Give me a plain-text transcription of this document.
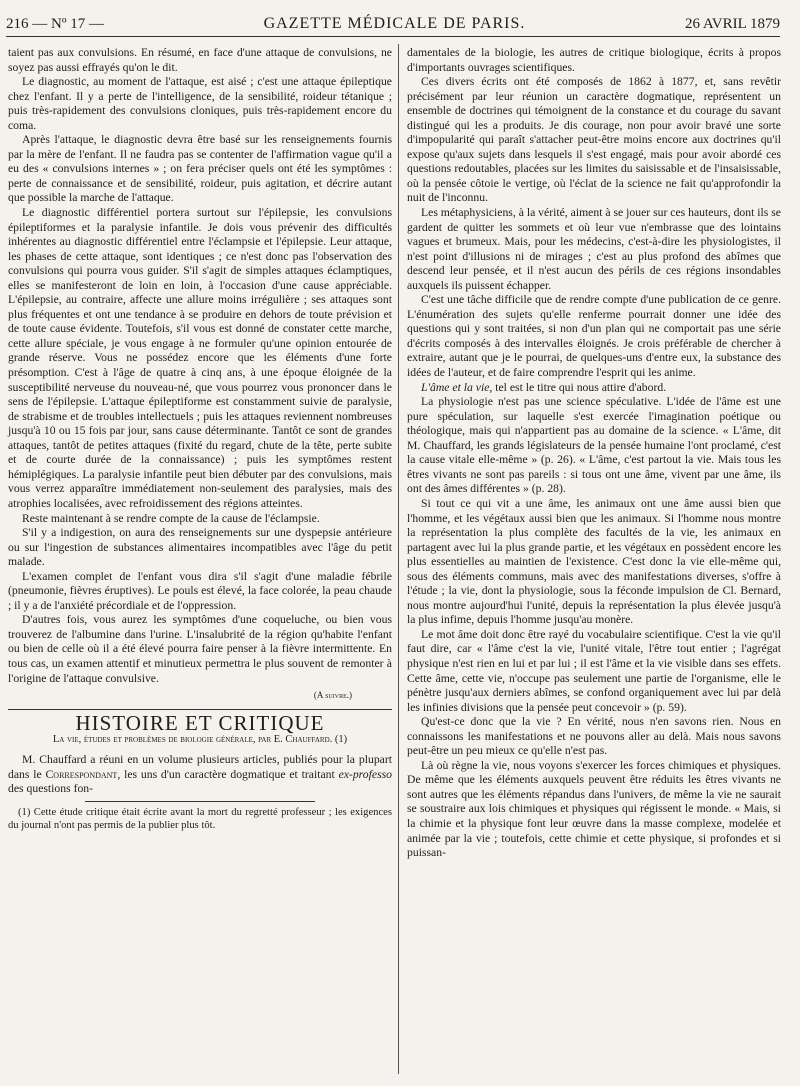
216 — Nº 17 —	GAZETTE MÉDICALE DE PARIS.	26 AVRIL 1879

taient pas aux convulsions. En résumé, en face d'une attaque de convulsions, ne soyez pas aussi effrayés qu'on le dit.

Le diagnostic, au moment de l'attaque, est aisé ; c'est une attaque épileptique chez l'enfant. Il y a perte de l'intelligence, de la sensibilité, roideur tétanique ; puis très-rapidement des convulsions cloniques, puis très-rapidement encore du coma.

Après l'attaque, le diagnostic devra être basé sur les renseignements fournis par la mère de l'enfant. Il ne faudra pas se contenter de l'affirmation vague qu'il a eu des « convulsions internes » ; on fera préciser quels ont été les symptômes : perte de connaissance et de sensibilité, roideur, puis agitation, et décrire autant que possible la marche de l'attaque.

Le diagnostic différentiel portera surtout sur l'épilepsie, les convulsions épileptiformes et la paralysie infantile. Je dois vous prévenir des difficultés inhérentes au diagnostic différentiel entre l'éclampsie et l'épilepsie. Leur attaque, les phases de cette attaque, sont identiques ; ce n'est donc pas l'observation des convulsions qui pourra vous guider. S'il s'agit de simples attaques éclamptiques, elles se manifesteront de loin en loin, à l'occasion d'une cause appréciable. L'épilepsie, au contraire, affecte une allure moins irrégulière ; ses attaques sont plus fréquentes et ont une tendance à se produire en dehors de toute prévision et de toute cause évidente. Toutefois, s'il vous est donné de constater cette marche, cette allure spéciale, je vous engage à ne formuler qu'une opinion entourée de grande réserve. Vous ne possédez encore que les éléments d'une forte présomption. C'est à l'âge de quatre à cinq ans, à une époque éloignée de la susceptibilité nerveuse du nouveau-né, que vous pourrez vous prononcer dans le sens de l'épilepsie. L'attaque épileptiforme est constamment suivie de paralysie, de strabisme et de troubles intellectuels ; puis les attaques reviennent nombreuses jusqu'à 10 ou 15 fois par jour, sans cause déterminante. Tantôt ce sont de grandes attaques, tantôt de petites attaques (fixité du regard, chute de la tête, perte subite et de courte durée de la connaissance) ; puis les symptômes restent hémiplégiques. La paralysie infantile peut bien débuter par des convulsions, mais vous verrez apparaître immédiatement non-seulement des paralysies, mais des atrophies localisées, avec refroidissement des régions atteintes.

Reste maintenant à se rendre compte de la cause de l'éclampsie.

S'il y a indigestion, on aura des renseignements sur une dyspepsie antérieure ou sur l'ingestion de substances alimentaires incompatibles avec l'âge du petit malade.

L'examen complet de l'enfant vous dira s'il s'agit d'une maladie fébrile (pneumonie, fièvres éruptives). Le pouls est élevé, la face colorée, la peau chaude ; il y a de l'anxiété précordiale et de l'oppression.

D'autres fois, vous aurez les symptômes d'une coqueluche, ou bien vous trouverez de l'albumine dans l'urine. L'insalubrité de la région qu'habite l'enfant ou bien de celle où il a été élevé pourra faire penser à la fièvre intermittente. En tous cas, un examen attentif et minutieux permettra le plus souvent de remonter à l'origine de l'attaque convulsive.

(A suivre.)
HISTOIRE ET CRITIQUE
La vie, études et problèmes de biologie générale, par E. Chauffard. (1)

M. Chauffard a réuni en un volume plusieurs articles, publiés pour la plupart dans le Correspondant, les uns d'un caractère dogmatique et traitant ex-professo des questions fon-

(1) Cette étude critique était écrite avant la mort du regretté professeur ; les exigences du journal n'ont pas permis de la publier plus tôt.

damentales de la biologie, les autres de critique biologique, écrits à propos d'importants ouvrages scientifiques.

Ces divers écrits ont été composés de 1862 à 1877, et, sans revêtir précisément par leur réunion un caractère dogmatique, représentent un ensemble de doctrines qui témoignent de la constance et du courage du savant distingué qui les a produits. Je dis courage, non pour avoir bravé une sorte d'impopularité qui paraît s'attacher peut-être moins encore aux doctrines qu'il expose qu'aux sujets dans lesquels il s'est engagé, mais pour avoir abordé ces questions redoutables, placées sur les limites du saisissable et de l'insaisissable, où la pensée côtoie le vertige, où l'éclat de la science ne fait qu'approfondir la nuit de l'inconnu.

Les métaphysiciens, à la vérité, aiment à se jouer sur ces hauteurs, dont ils se gardent de quitter les sommets et où leur vue n'embrasse que des lointains vagues et brumeux. Mais, pour les médecins, c'est-à-dire les physiologistes, il n'est point d'illusions ni de mirages ; c'est au plus profond des abîmes que descend leur pensée, et il n'est aucun des périls de ces régions insondables auxquels ils puissent échapper.

C'est une tâche difficile que de rendre compte d'une publication de ce genre. L'énumération des sujets qu'elle renferme pourrait donner une idée des questions qui y sont traitées, si non d'un plan qui ne comportait pas une série d'écrits composés à des intervalles éloignés. Je crois préférable de chercher à extraire, autant que je le pourrai, de quelques-uns d'entre eux, la substance des idées de l'auteur, et de faire comprendre l'esprit qui les anime.

L'âme et la vie, tel est le titre qui nous attire d'abord.

La physiologie n'est pas une science spéculative. L'idée de l'âme est une pure spéculation, sur laquelle s'est exercée l'imagination poétique ou théologique, mais qui n'appartient pas au domaine de la science. « L'âme, dit M. Chauffard, les grands législateurs de la pensée humaine l'ont proclamé, c'est la cause vitale elle-même » (p. 26). « L'âme, c'est partout la vie. Mais tous les êtres vivants ne sont pas pareils : si tous ont une âme, vivent par une âme, ils ont des âmes différentes » (p. 28).

Si tout ce qui vit a une âme, les animaux ont une âme aussi bien que l'homme, et les végétaux aussi bien que les animaux. Si l'homme nous montre la représentation la plus complète des facultés de la vie, les animaux en partagent avec lui la plus grande partie, et les végétaux en possèdent encore les plus essentielles au maintien de l'existence. C'est donc la vie elle-même qui, sous des éléments communs, mais avec des manifestations diverses, s'offre à l'étude ; la vie, dont la physiologie, sous la féconde impulsion de Cl. Bernard, nous montre aujourd'hui l'unité, depuis la représentation la plus élevée jusqu'à la plus infime, depuis l'homme jusqu'au monère.

Le mot âme doit donc être rayé du vocabulaire scientifique. C'est la vie qu'il faut dire, car « l'âme c'est la vie, l'unité vitale, l'être tout entier ; l'agrégat physique n'est rien en lui et par lui ; il est l'âme et la vie visible dans ses effets. Cette âme, cette vie, n'occupe pas seulement une partie de l'organisme, elle le pénètre jusqu'aux derniers abîmes, se confond organiquement avec lui par delà les infinies divisions que la pensée peut concevoir » (p. 59).

Qu'est-ce donc que la vie ? En vérité, nous n'en savons rien. Nous en connaissons les manifestations et ne pouvons aller au delà. Mais nous savons peut-être un peu mieux ce qu'elle n'est pas.

Là où règne la vie, nous voyons s'exercer les forces chimiques et physiques. De même que les éléments auxquels peuvent être réduits les êtres vivants ne sont autres que les éléments répandus dans l'univers, de même la vie ne saurait se soustraire aux lois chimiques et physiques qui régissent le monde. « Mais, si la chimie et la physique font leur œuvre dans la masse complexe, modelée et animée par la vie ; toutefois, cette chimie et cette physique, si profondes et si puissan-
